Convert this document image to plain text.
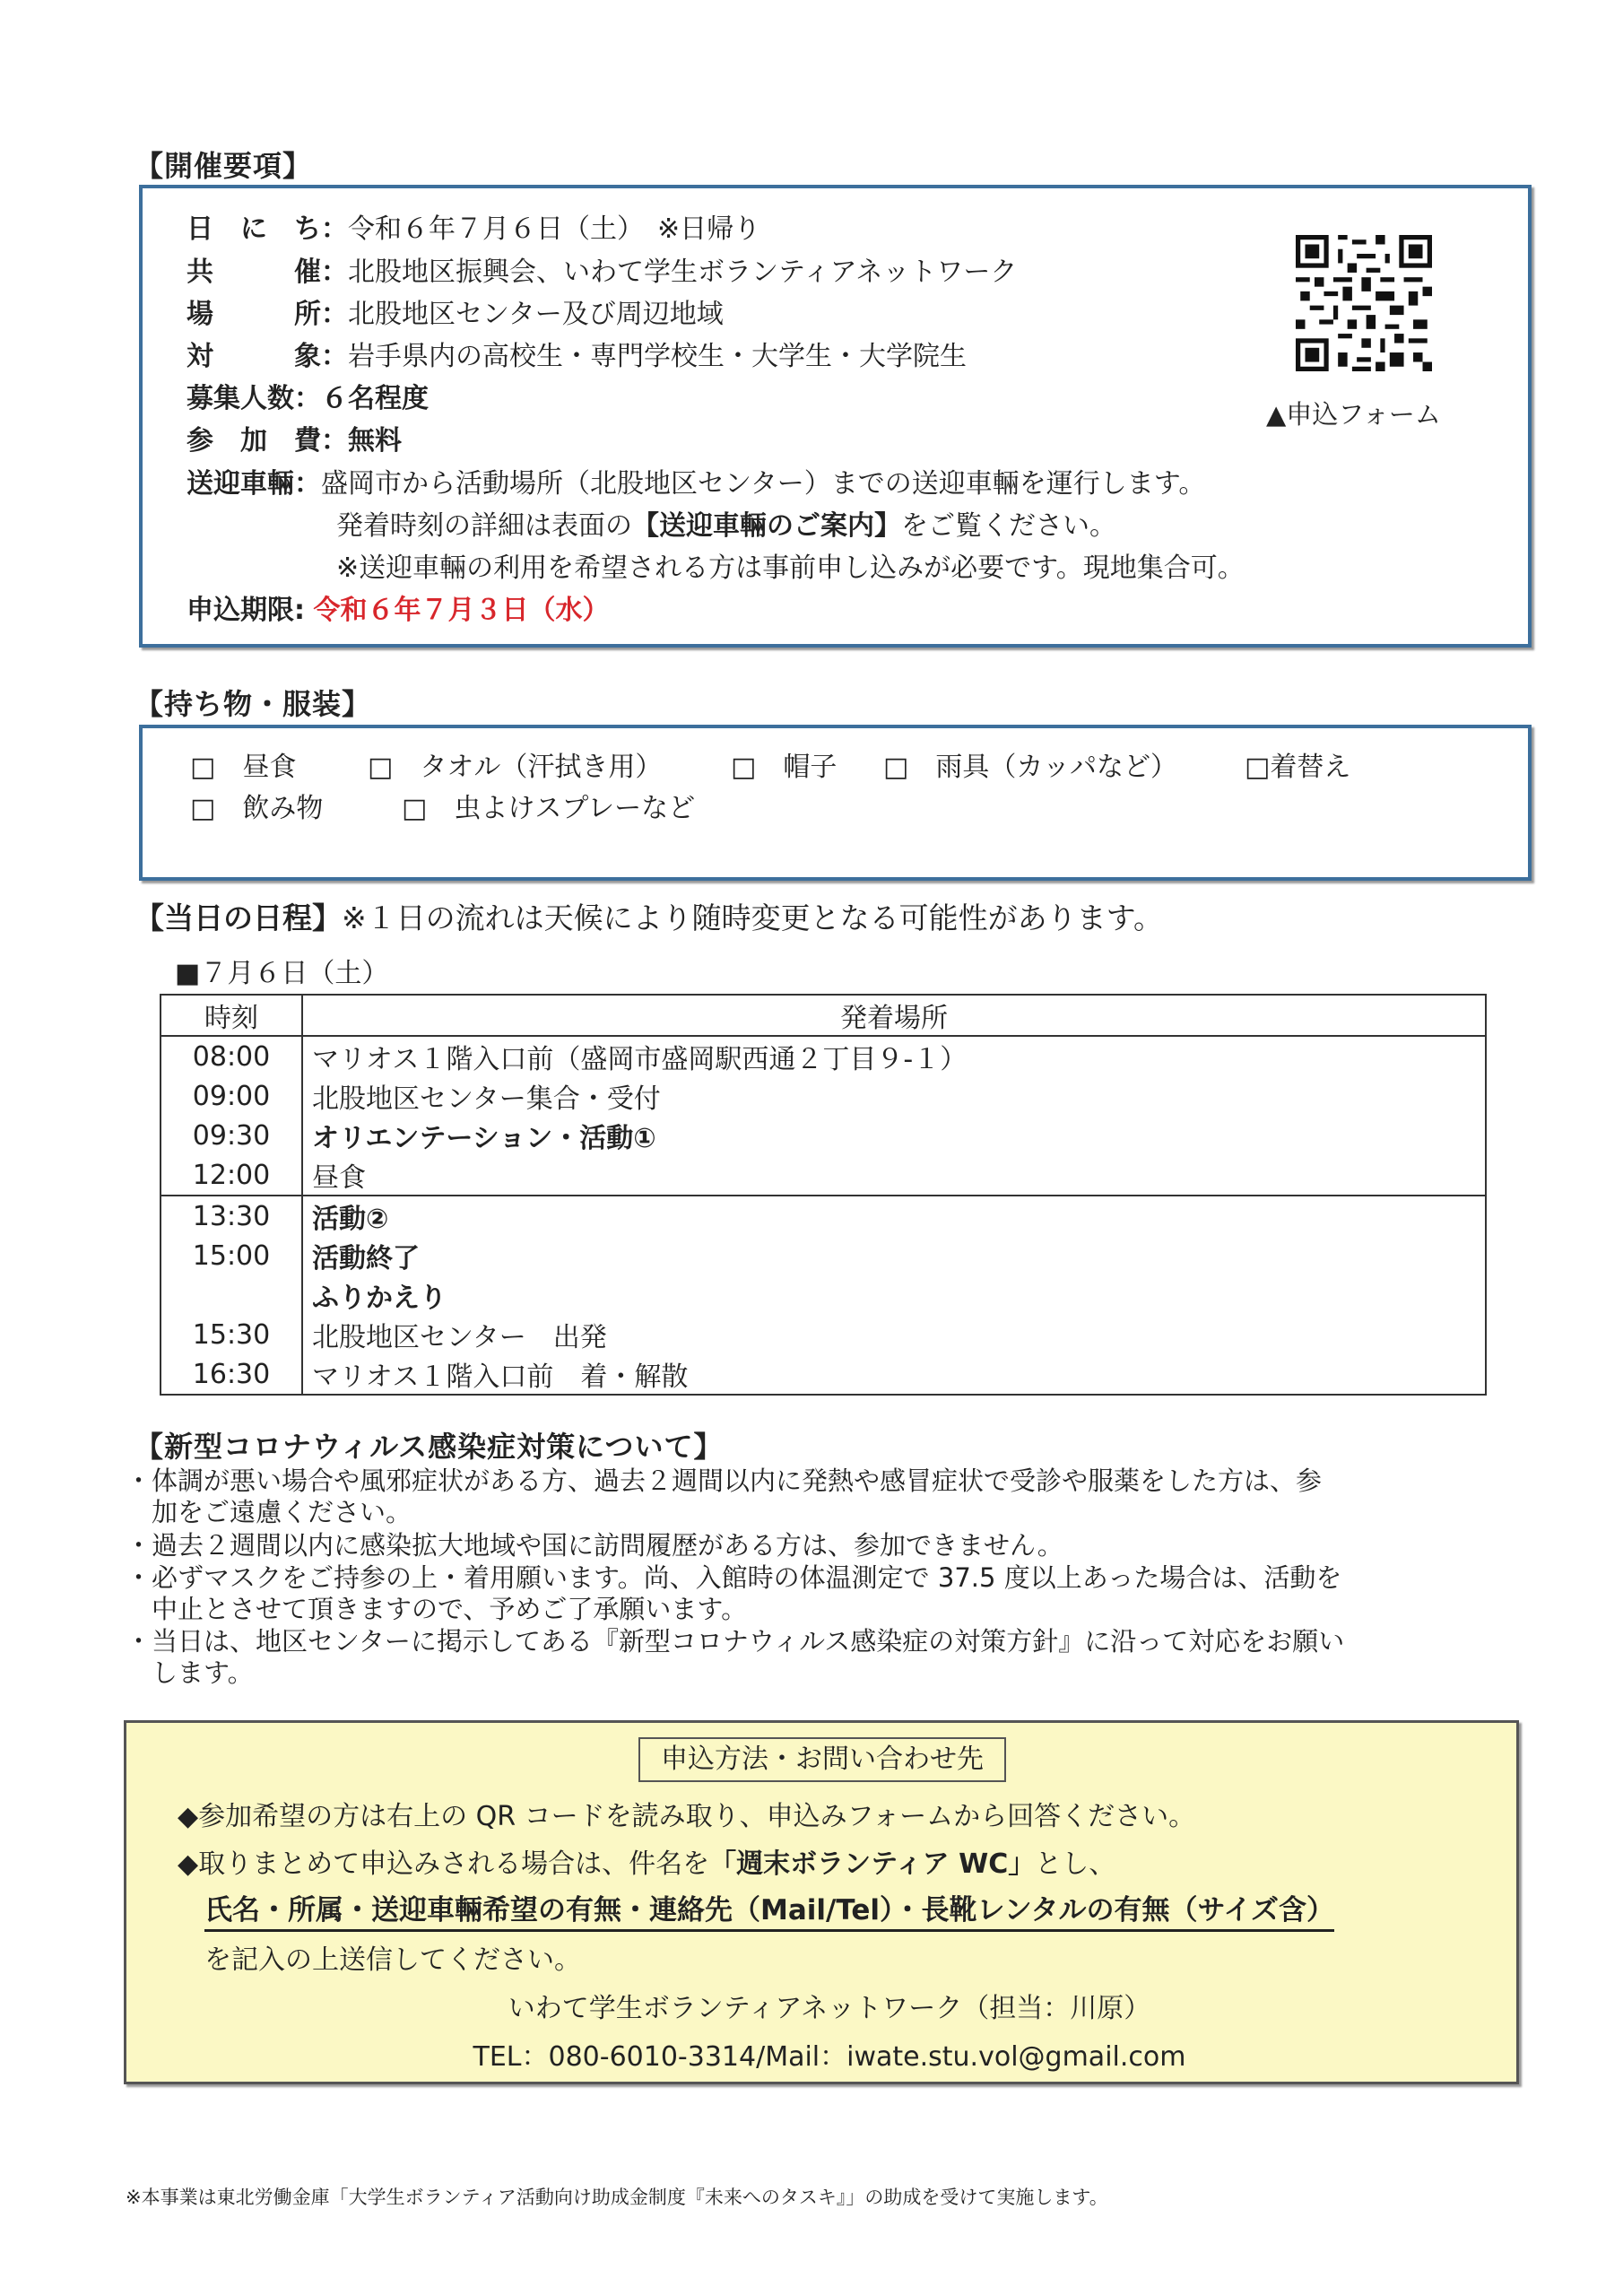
【開催要項】
日　に　ち：令和６年７月６日（土）　※日帰り
共　　　催：北股地区振興会、いわて学生ボランティアネットワーク
場　　　所：北股地区センター及び周辺地域
対　　　象：岩手県内の高校生・専門学校生・大学生・大学院生
募集人数：６名程度
参　加　費：無料
送迎車輛：盛岡市から活動場所（北股地区センター）までの送迎車輛を運行します。
発着時刻の詳細は表面の【送迎車輛のご案内】をご覧ください。
※送迎車輛の利用を希望される方は事前申し込みが必要です。現地集合可。
申込期限: 令和６年７月３日（水）
▲申込フォーム
【持ち物・服装】
□　昼食	□　タオル（汗拭き用）	□　帽子 □　雨具（カッパなど） □着替え
□　飲み物	□　虫よけスプレーなど
【当日の日程】※１日の流れは天候により随時変更となる可能性があります。
■７月６日（土）
時刻	発着場所
08:00	マリオス１階入口前（盛岡市盛岡駅西通２丁目９-１）
09:00	北股地区センター集合・受付
09:30	オリエンテーション・活動①
12:00	昼食
13:30	活動②
15:00	活動終了
	ふりかえり
15:30	北股地区センター　出発
16:30	マリオス１階入口前　着・解散
【新型コロナウィルス感染症対策について】
・体調が悪い場合や風邪症状がある方、過去２週間以内に発熱や感冒症状で受診や服薬をした方は、参
　加をご遠慮ください。
・過去２週間以内に感染拡大地域や国に訪問履歴がある方は、参加できません。
・必ずマスクをご持参の上・着用願います。尚、入館時の体温測定で 37.5 度以上あった場合は、活動を
　中止とさせて頂きますので、予めご了承願います。
・当日は、地区センターに掲示してある『新型コロナウィルス感染症の対策方針』に沿って対応をお願い
　します。
申込方法・お問い合わせ先
◆参加希望の方は右上の QR コードを読み取り、申込みフォームから回答ください。
◆取りまとめて申込みされる場合は、件名を「週末ボランティア WC」とし、
氏名・所属・送迎車輛希望の有無・連絡先（Mail/Tel）・長靴レンタルの有無（サイズ含）
を記入の上送信してください。
いわて学生ボランティアネットワーク（担当：川原）
TEL：080-6010-3314/Mail：iwate.stu.vol@gmail.com
※本事業は東北労働金庫「大学生ボランティア活動向け助成金制度『未来へのタスキ』」の助成を受けて実施します。
